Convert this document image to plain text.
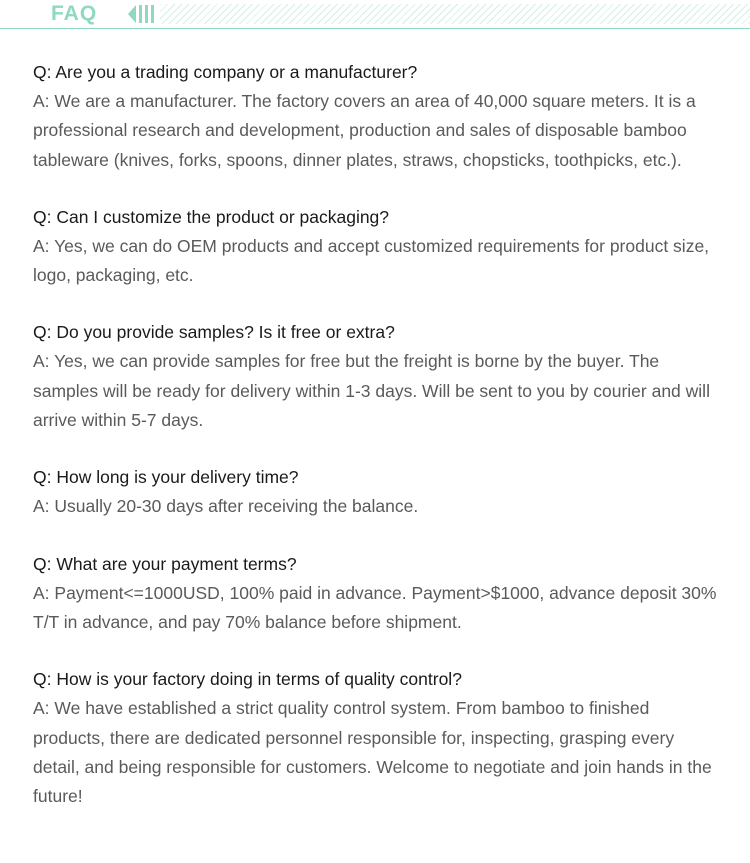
FAQ

Q: Are you a trading company or a manufacturer?

A: We are a manufacturer. The factory covers an area of 40,000 square meters. It is a professional research and development, production and sales of disposable bamboo tableware (knives, forks, spoons, dinner plates, straws, chopsticks, toothpicks, etc.).

Q: Can I customize the product or packaging?

A: Yes, we can do OEM products and accept customized requirements for product size, logo, packaging, etc.

Q: Do you provide samples? Is it free or extra?

A: Yes, we can provide samples for free but the freight is borne by the buyer. The samples will be ready for delivery within 1-3 days. Will be sent to you by courier and will arrive within 5-7 days.

Q: How long is your delivery time?

A: Usually 20-30 days after receiving the balance.

Q: What are your payment terms?

A: Payment<=1000USD, 100% paid in advance. Payment>$1000, advance deposit 30% T/T in advance, and pay 70% balance before shipment.

Q: How is your factory doing in terms of quality control?

A: We have established a strict quality control system. From bamboo to finished products, there are dedicated personnel responsible for, inspecting, grasping every detail, and being responsible for customers. Welcome to negotiate and join hands in the future!
